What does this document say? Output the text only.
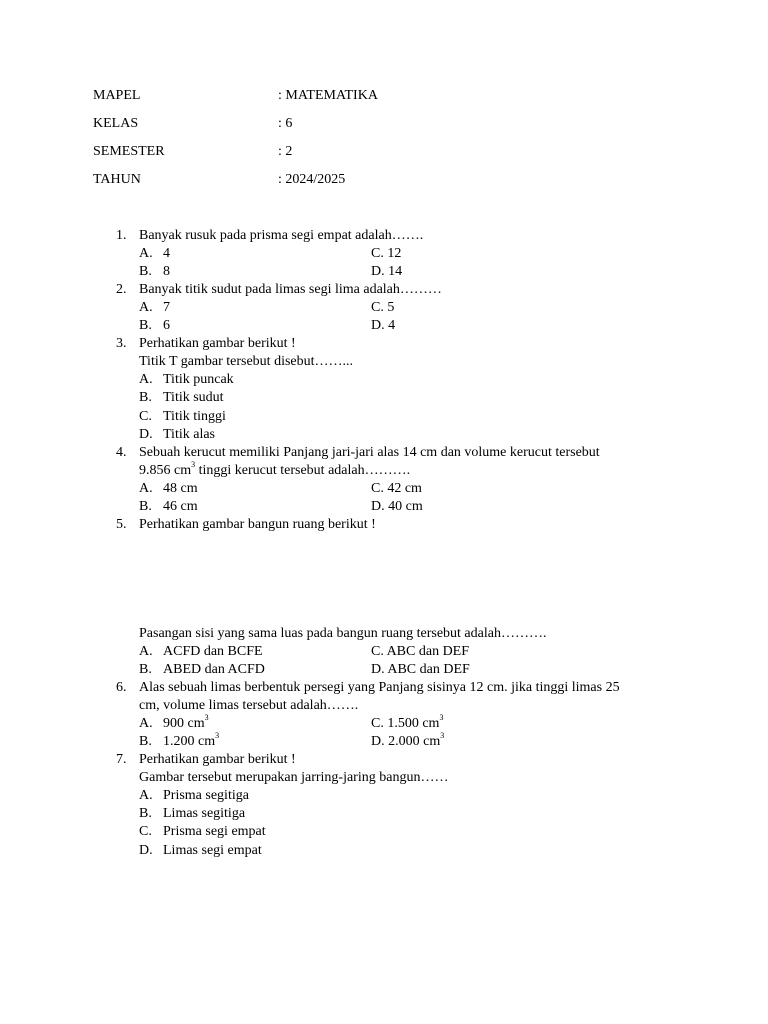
MAPEL	: MATEMATIKA
KELAS	: 6
SEMESTER	: 2
TAHUN	: 2024/2025
1. Banyak rusuk pada prisma segi empat adalah…….
A. 4	C. 12
B. 8	D. 14
2. Banyak titik sudut pada limas segi lima adalah………
A. 7	C. 5
B. 6	D. 4
3. Perhatikan gambar berikut !
Titik T gambar tersebut disebut……...
A. Titik puncak
B. Titik sudut
C. Titik tinggi
D. Titik alas
4. Sebuah kerucut memiliki Panjang jari-jari alas 14 cm dan volume kerucut tersebut
9.856 $cm^3$ tinggi kerucut tersebut adalah……….
A. 48 cm	C. 42 cm
B. 46 cm	D. 40 cm
5. Perhatikan gambar bangun ruang berikut !
Pasangan sisi yang sama luas pada bangun ruang tersebut adalah……….
A. ACFD dan BCFE	C. ABC dan DEF
B. ABED dan ACFD	D. ABC dan DEF
6. Alas sebuah limas berbentuk persegi yang Panjang sisinya 12 cm. jika tinggi limas 25
cm, volume limas tersebut adalah…….
A. 900 $cm^3$	C. 1.500 $cm^3$
B. 1.200 $cm^3$	D. 2.000 $cm^3$
7. Perhatikan gambar berikut !
Gambar tersebut merupakan jarring-jaring bangun……
A. Prisma segitiga
B. Limas segitiga
C. Prisma segi empat
D. Limas segi empat
